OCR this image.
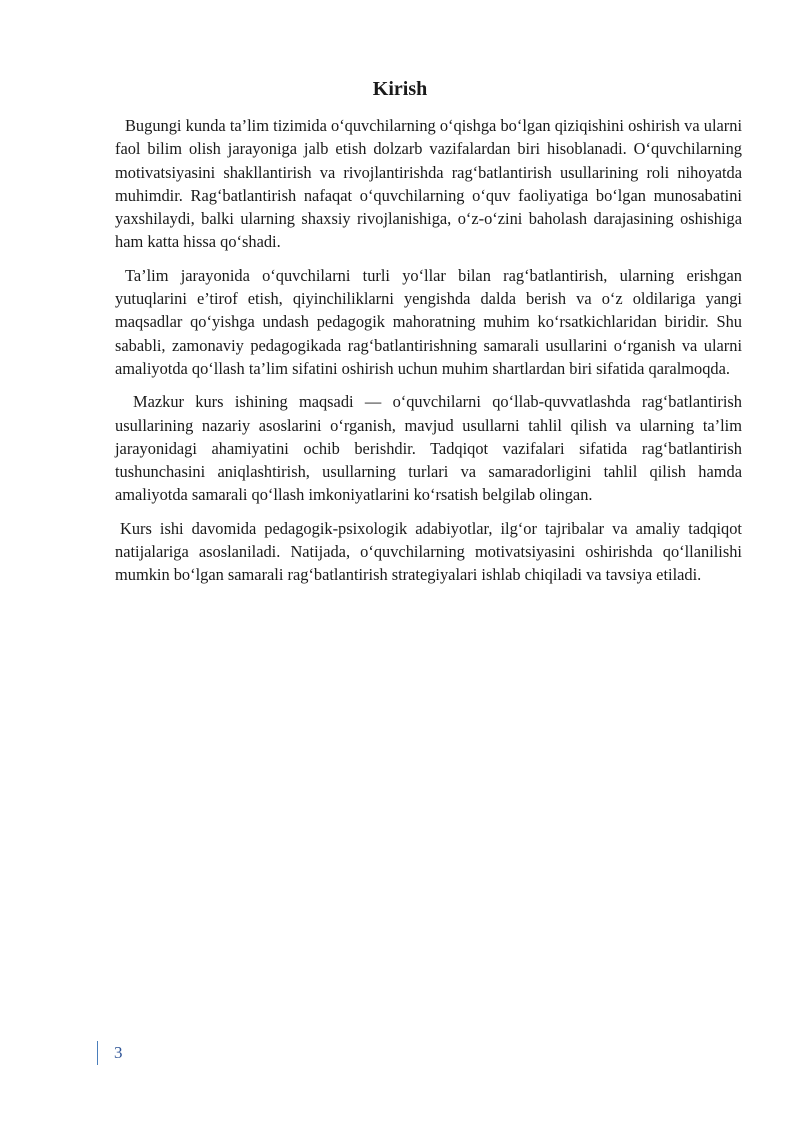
Kirish

Bugungi kunda ta’lim tizimida o‘quvchilarning o‘qishga bo‘lgan qiziqishini oshirish va ularni faol bilim olish jarayoniga jalb etish dolzarb vazifalardan biri hisoblanadi. O‘quvchilarning motivatsiyasini shakllantirish va rivojlantirishda rag‘batlantirish usullarining roli nihoyatda muhimdir. Rag‘batlantirish nafaqat o‘quvchilarning o‘quv faoliyatiga bo‘lgan munosabatini yaxshilaydi, balki ularning shaxsiy rivojlanishiga, o‘z-o‘zini baholash darajasining oshishiga ham katta hissa qo‘shadi.

Ta’lim jarayonida o‘quvchilarni turli yo‘llar bilan rag‘batlantirish, ularning erishgan yutuqlarini e’tirof etish, qiyinchiliklarni yengishda dalda berish va o‘z oldilariga yangi maqsadlar qo‘yishga undash pedagogik mahoratning muhim ko‘rsatkichlaridan biridir. Shu sababli, zamonaviy pedagogikada rag‘batlantirishning samarali usullarini o‘rganish va ularni amaliyotda qo‘llash ta’lim sifatini oshirish uchun muhim shartlardan biri sifatida qaralmoqda.

Mazkur kurs ishining maqsadi — o‘quvchilarni qo‘llab-quvvatlashda rag‘batlantirish usullarining nazariy asoslarini o‘rganish, mavjud usullarni tahlil qilish va ularning ta’lim jarayonidagi ahamiyatini ochib berishdir. Tadqiqot vazifalari sifatida rag‘batlantirish tushunchasini aniqlashtirish, usullarning turlari va samaradorligini tahlil qilish hamda amaliyotda samarali qo‘llash imkoniyatlarini ko‘rsatish belgilab olingan.

Kurs ishi davomida pedagogik-psixologik adabiyotlar, ilg‘or tajribalar va amaliy tadqiqot natijalariga asoslaniladi. Natijada, o‘quvchilarning motivatsiyasini oshirishda qo‘llanilishi mumkin bo‘lgan samarali rag‘batlantirish strategiyalari ishlab chiqiladi va tavsiya etiladi.

3
